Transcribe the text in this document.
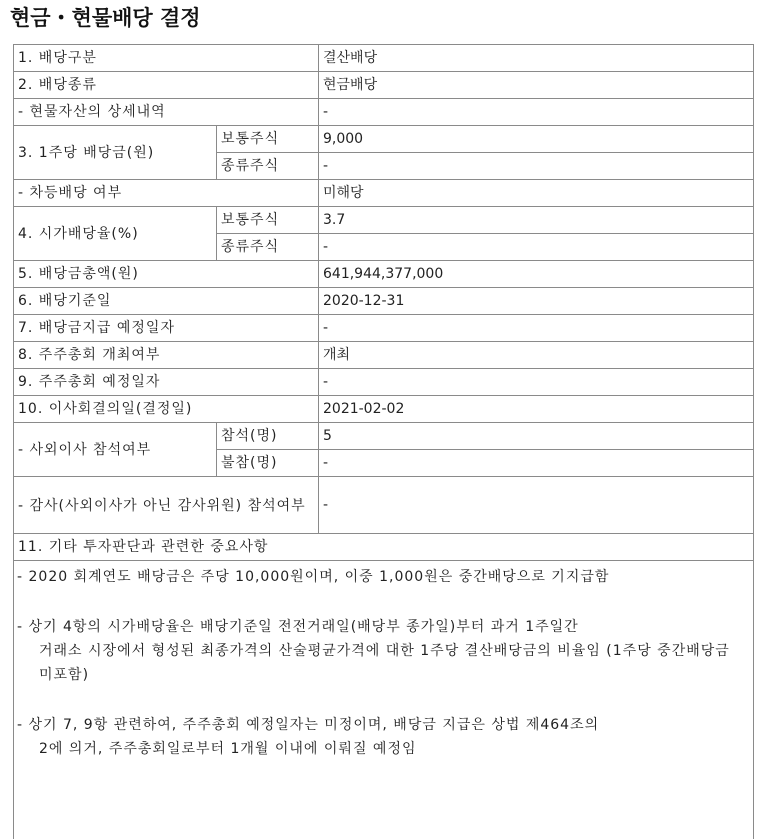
현금・현물배당 결정
1. 배당구분		결산배당
2. 배당종류		현금배당
- 현물자산의 상세내역		-
3. 1주당 배당금(원)	보통주식	9,000
	종류주식	-
- 차등배당 여부		미해당
4. 시가배당율(%)	보통주식	3.7
	종류주식	-
5. 배당금총액(원)		641,944,377,000
6. 배당기준일		2020-12-31
7. 배당금지급 예정일자		-
8. 주주총회 개최여부		개최
9. 주주총회 예정일자		-
10. 이사회결의일(결정일)		2021-02-02
- 사외이사 참석여부	참석(명)	5
	불참(명)	-
- 감사(사외이사가 아닌 감사위원) 참석여부		-
11. 기타 투자판단과 관련한 중요사항		

- 2020 회계연도 배당금은 주당 10,000원이며, 이중 1,000원은 중간배당으로 기지급함
- 상기 4항의 시가배당율은 배당기준일 전전거래일(배당부 종가일)부터 과거 1주일간
거래소 시장에서 형성된 최종가격의 산술평균가격에 대한 1주당 결산배당금의 비율임 (1주당 중간배당금 미포함)
- 상기 7, 9항 관련하여, 주주총회 예정일자는 미정이며, 배당금 지급은 상법 제464조의
2에 의거, 주주총회일로부터 1개월 이내에 이뤄질 예정임		
